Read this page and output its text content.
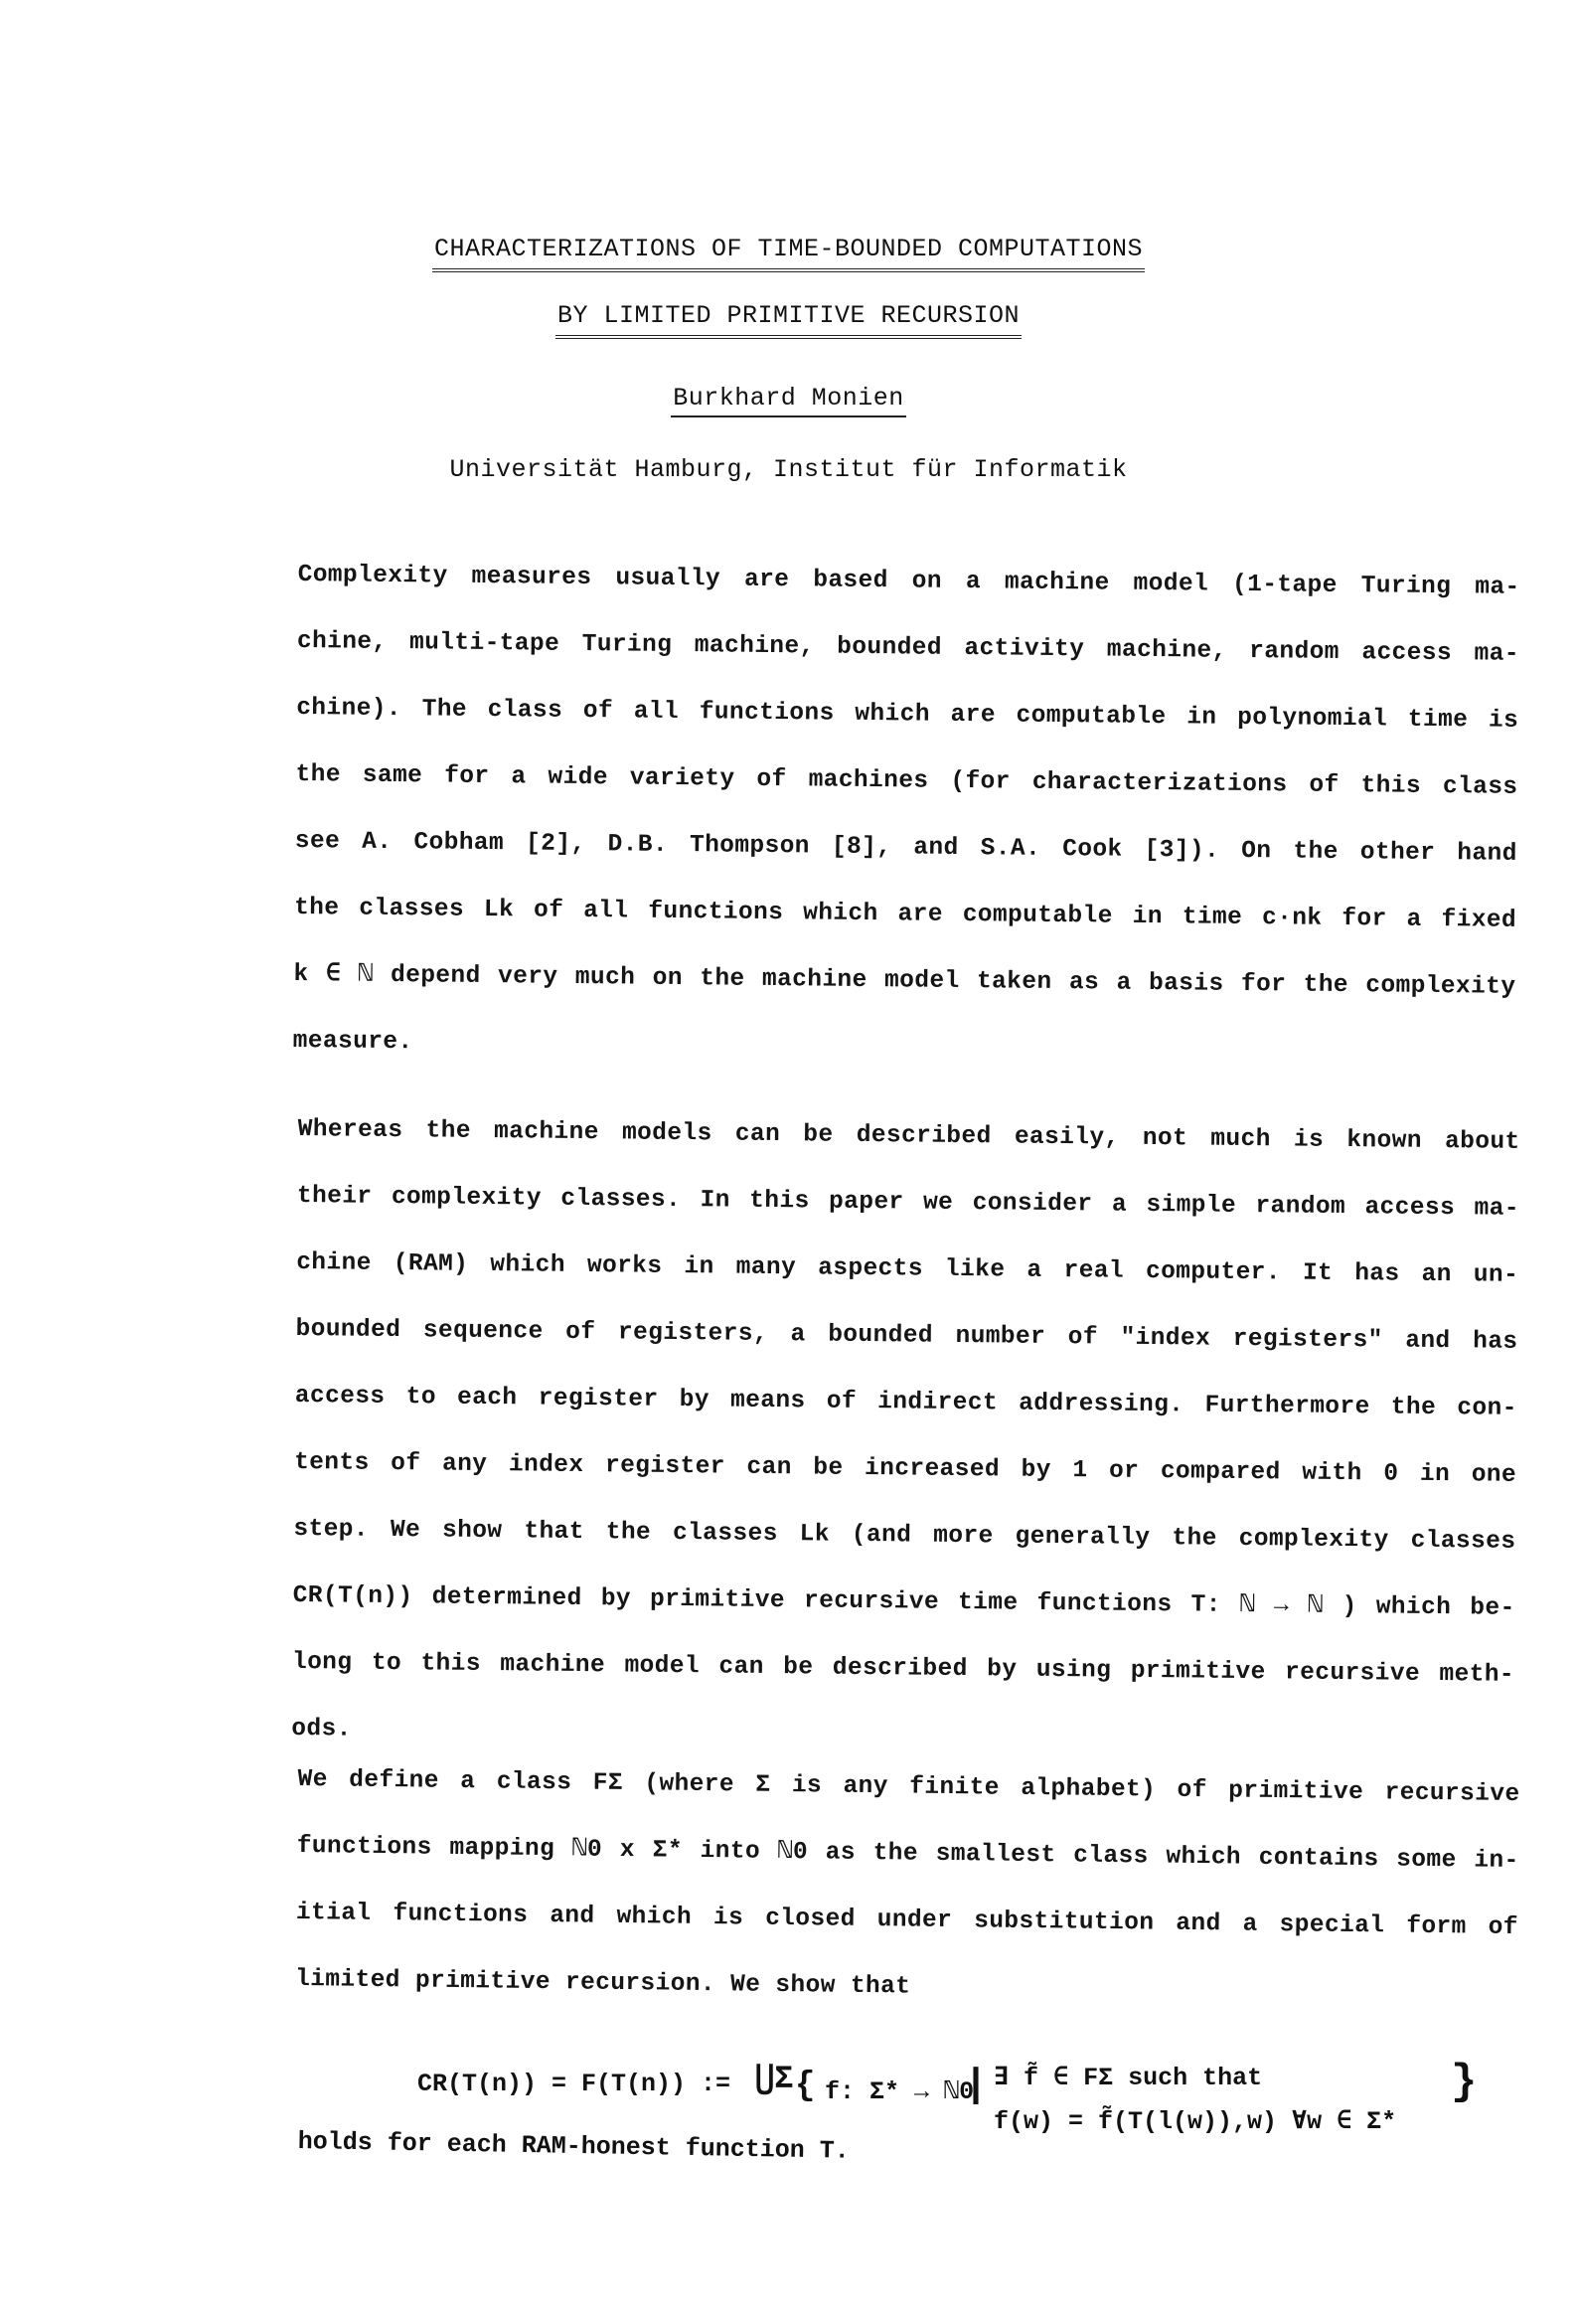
CHARACTERIZATIONS OF TIME-BOUNDED COMPUTATIONS
BY LIMITED PRIMITIVE RECURSION
Burkhard Monien
Universität Hamburg, Institut für Informatik
Complexity measures usually are based on a machine model (1-tape Turing ma-
chine, multi-tape Turing machine, bounded activity machine, random access ma-
chine). The class of all functions which are computable in polynomial time is
the same for a wide variety of machines (for characterizations of this class
see A. Cobham [2], D.B. Thompson [8], and S.A. Cook [3]). On the other hand
the classes Lk of all functions which are computable in time c·nk for a fixed
k ∈ ℕ depend very much on the machine model taken as a basis for the complexity
measure.
Whereas the machine models can be described easily, not much is known about
their complexity classes. In this paper we consider a simple random access ma-
chine (RAM) which works in many aspects like a real computer. It has an un-
bounded sequence of registers, a bounded number of "index registers" and has
access to each register by means of indirect addressing. Furthermore the con-
tents of any index register can be increased by 1 or compared with 0 in one
step. We show that the classes Lk (and more generally the complexity classes
CR(T(n)) determined by primitive recursive time functions T: ℕ → ℕ ) which be-
long to this machine model can be described by using primitive recursive meth-
ods.
We define a class FΣ (where Σ is any finite alphabet) of primitive recursive
functions mapping ℕ0 x Σ* into ℕ0 as the smallest class which contains some in-
itial functions and which is closed under substitution and a special form of
limited primitive recursion. We show that
CR(T(n)) = F(T(n)) := ⋃Σ { f: Σ* → ℕ0
| ∃ f̃ ∈ FΣ such that
f(w) = f̃(T(l(w)),w) ∀w ∈ Σ*
}
holds for each RAM-honest function T.
